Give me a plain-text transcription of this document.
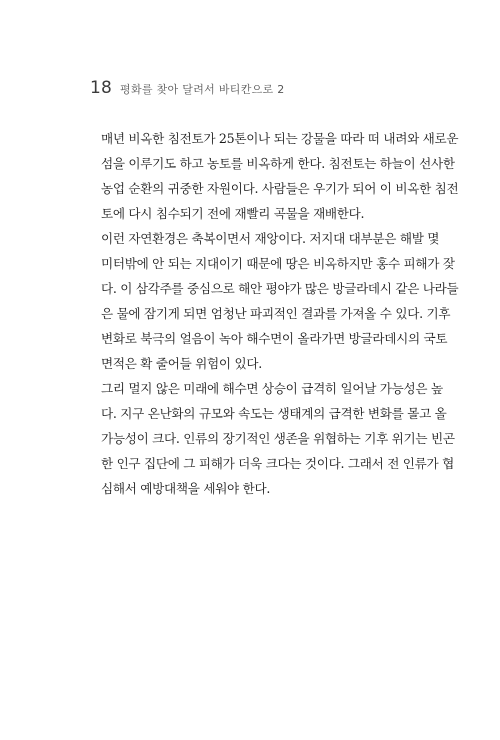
18 평화를 찾아 달려서 바티칸으로 2

매년 비옥한 침전토가 25톤이나 되는 강물을 따라 떠 내려와 새로운
섬을 이루기도 하고 농토를 비옥하게 한다. 침전토는 하늘이 선사한
농업 순환의 귀중한 자원이다. 사람들은 우기가 되어 이 비옥한 침전
토에 다시 침수되기 전에 재빨리 곡물을 재배한다.

이런 자연환경은 축복이면서 재앙이다. 저지대 대부분은 해발 몇
미터밖에 안 되는 지대이기 때문에 땅은 비옥하지만 홍수 피해가 잦
다. 이 삼각주를 중심으로 해안 평야가 많은 방글라데시 같은 나라들
은 물에 잠기게 되면 엄청난 파괴적인 결과를 가져올 수 있다. 기후
변화로 북극의 얼음이 녹아 해수면이 올라가면 방글라데시의 국토
면적은 확 줄어들 위험이 있다.

그리 멀지 않은 미래에 해수면 상승이 급격히 일어날 가능성은 높
다. 지구 온난화의 규모와 속도는 생태계의 급격한 변화를 몰고 올
가능성이 크다. 인류의 장기적인 생존을 위협하는 기후 위기는 빈곤
한 인구 집단에 그 피해가 더욱 크다는 것이다. 그래서 전 인류가 협
심해서 예방대책을 세워야 한다.
